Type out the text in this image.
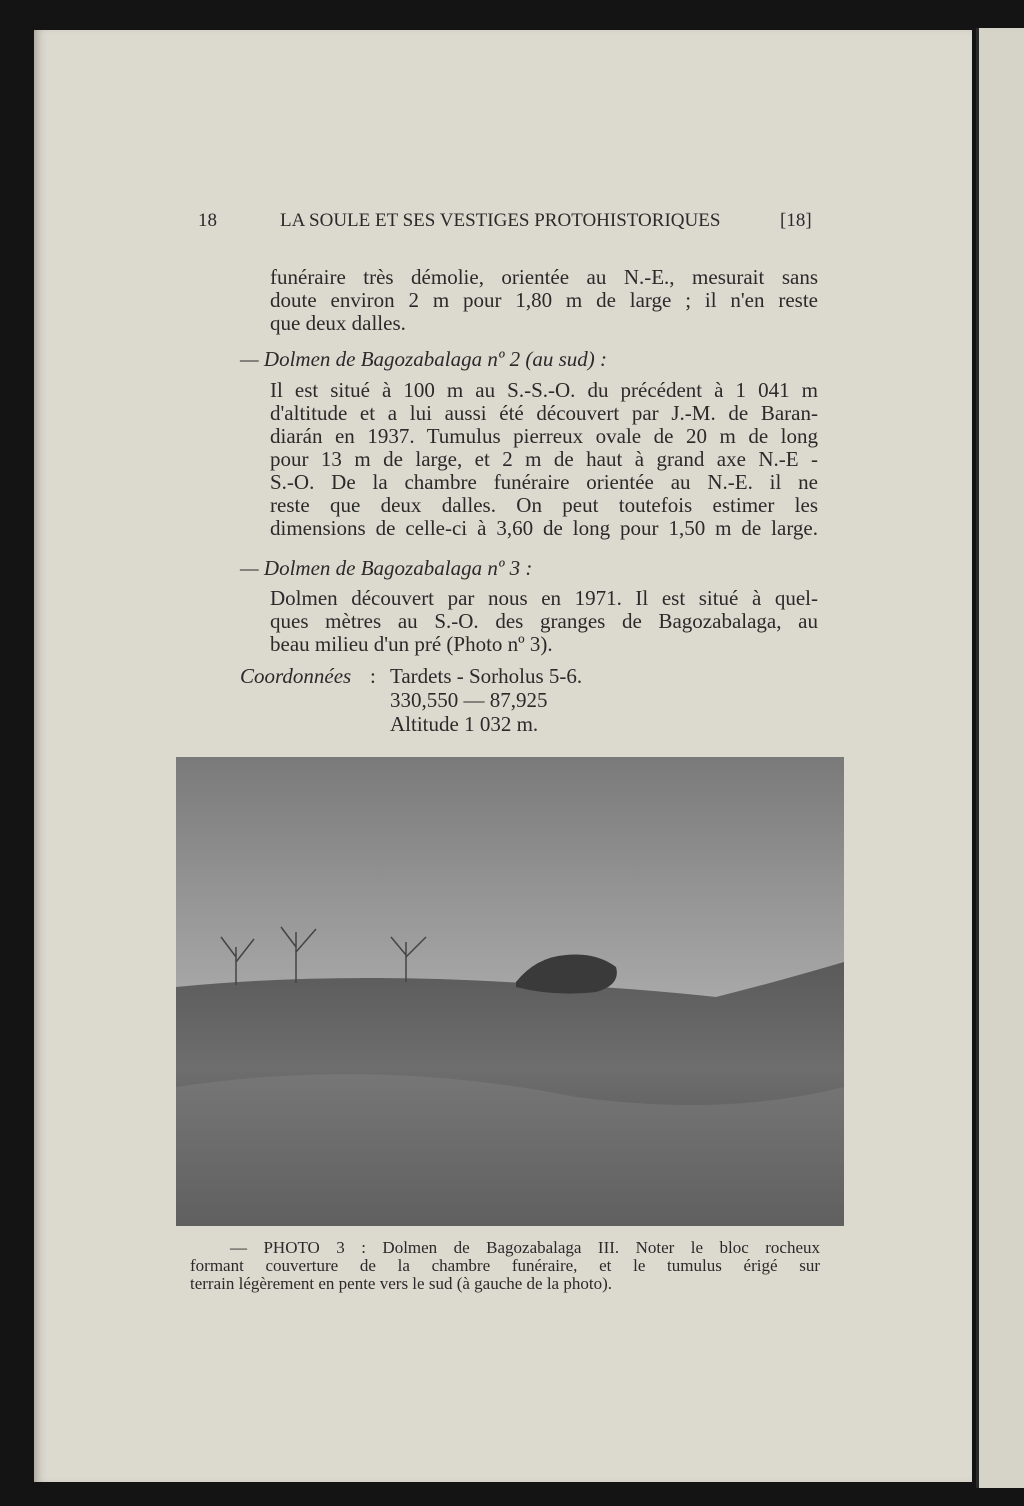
18	LA SOULE ET SES VESTIGES PROTOHISTORIQUES	[18]
funéraire très démolie, orientée au N.-E., mesurait sans
doute environ 2 m pour 1,80 m de large ; il n'en reste
que deux dalles.
— Dolmen de Bagozabalaga nº 2 (au sud) :
Il est situé à 100 m au S.-S.-O. du précédent à 1 041 m
d'altitude et a lui aussi été découvert par J.-M. de Baran-
diarán en 1937. Tumulus pierreux ovale de 20 m de long
pour 13 m de large, et 2 m de haut à grand axe N.-E -
S.-O. De la chambre funéraire orientée au N.-E. il ne
reste que deux dalles. On peut toutefois estimer les
dimensions de celle-ci à 3,60 de long pour 1,50 m de large.
— Dolmen de Bagozabalaga nº 3 :
Dolmen découvert par nous en 1971. Il est situé à quel-
ques mètres au S.-O. des granges de Bagozabalaga, au
beau milieu d'un pré (Photo nº 3).
Coordonnées : Tardets - Sorholus 5-6.
330,550 — 87,925
Altitude 1 032 m.
— PHOTO 3 : Dolmen de Bagozabalaga III. Noter le bloc rocheux
formant couverture de la chambre funéraire, et le tumulus érigé sur
terrain légèrement en pente vers le sud (à gauche de la photo).
